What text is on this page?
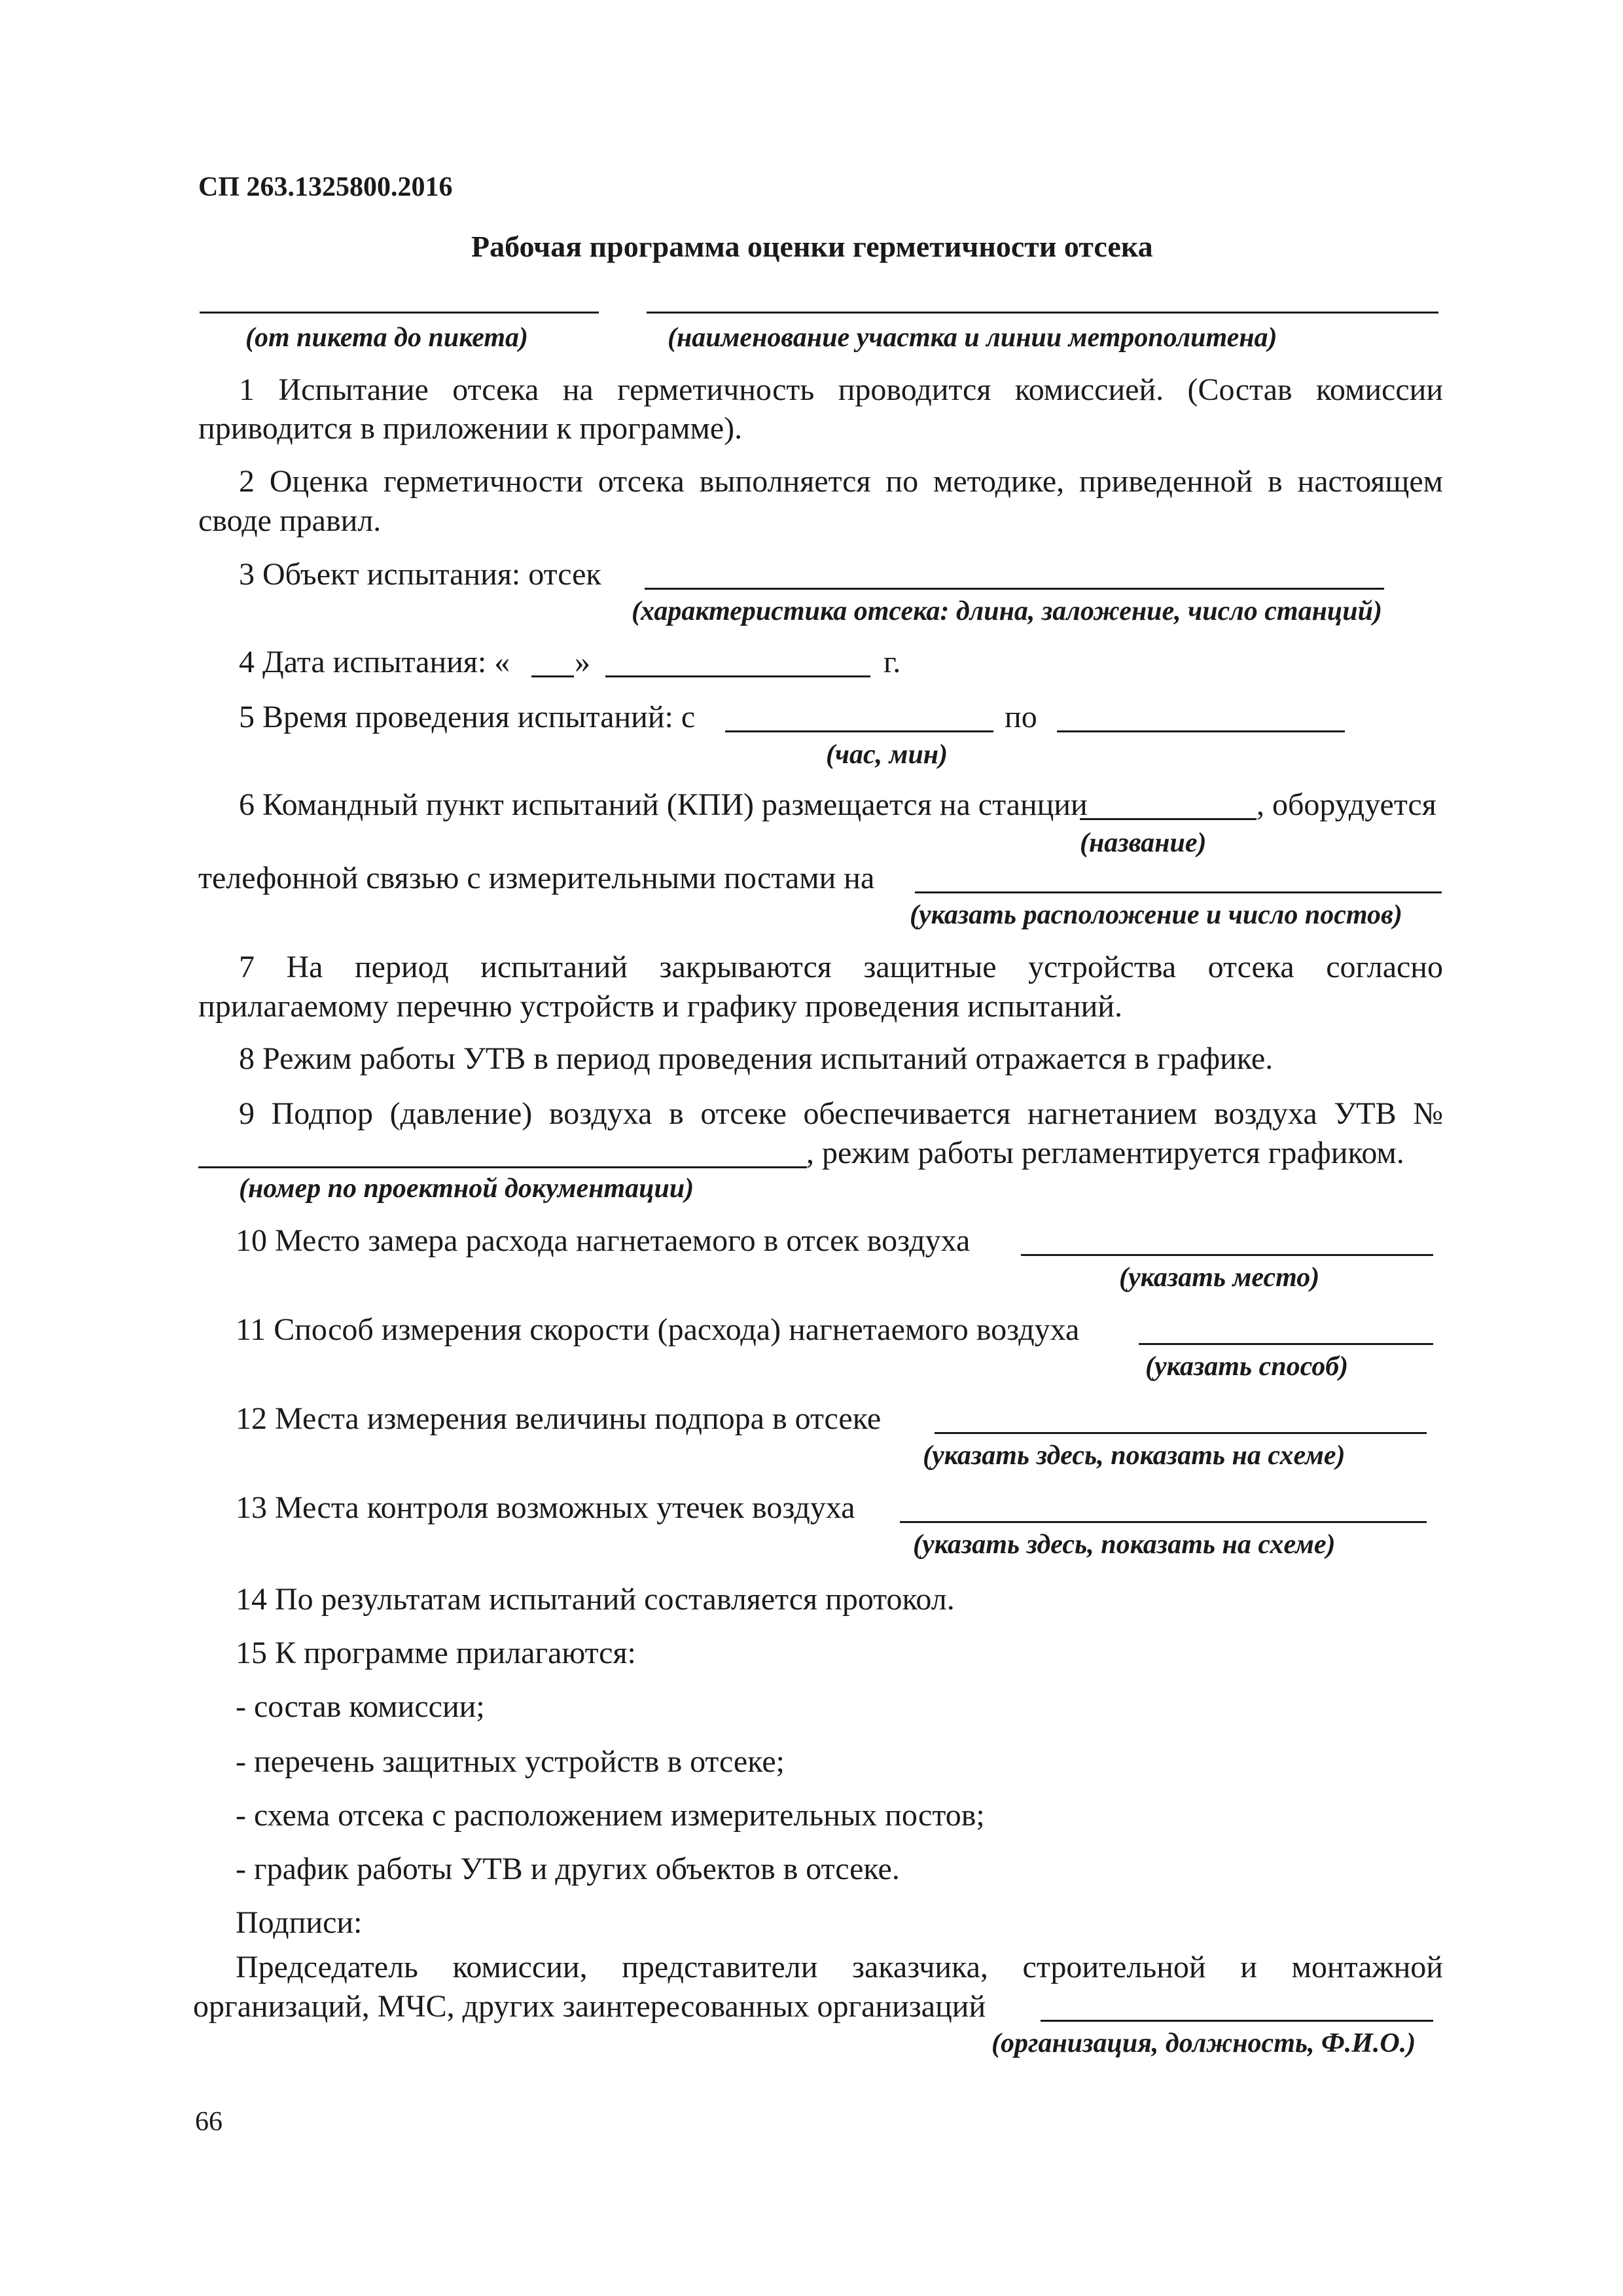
СП 263.1325800.2016
Рабочая программа оценки герметичности отсека
(от пикета до пикета)	(наименование участка и линии метрополитена)
1 Испытание отсека на герметичность проводится комиссией. (Состав комиссии
приводится в приложении к программе).
2 Оценка герметичности отсека выполняется по методике, приведенной в настоящем
своде правил.
3 Объект испытания: отсек
(характеристика отсека: длина, заложение, число станций)
4 Дата испытания: « »	г.
5 Время проведения испытаний: с	по
(час, мин)
6 Командный пункт испытаний (КПИ) размещается на станции	, оборудуется
(название)
телефонной связью с измерительными постами на
(указать расположение и число постов)
7 На период испытаний закрываются защитные устройства отсека согласно
прилагаемому перечню устройств и графику проведения испытаний.
8 Режим работы УТВ в период проведения испытаний отражается в графике.
9 Подпор (давление) воздуха в отсеке обеспечивается нагнетанием воздуха УТВ №
, режим работы регламентируется графиком.
(номер по проектной документации)
10 Место замера расхода нагнетаемого в отсек воздуха
(указать место)
11 Способ измерения скорости (расхода) нагнетаемого воздуха
(указать способ)
12 Места измерения величины подпора в отсеке
(указать здесь, показать на схеме)
13 Места контроля возможных утечек воздуха
(указать здесь, показать на схеме)
14 По результатам испытаний составляется протокол.
15 К программе прилагаются:
- состав комиссии;
- перечень защитных устройств в отсеке;
- схема отсека с расположением измерительных постов;
- график работы УТВ и других объектов в отсеке.
Подписи:
Председатель комиссии, представители заказчика, строительной и монтажной
организаций, МЧС, других заинтересованных организаций
(организация, должность, Ф.И.О.)
66
